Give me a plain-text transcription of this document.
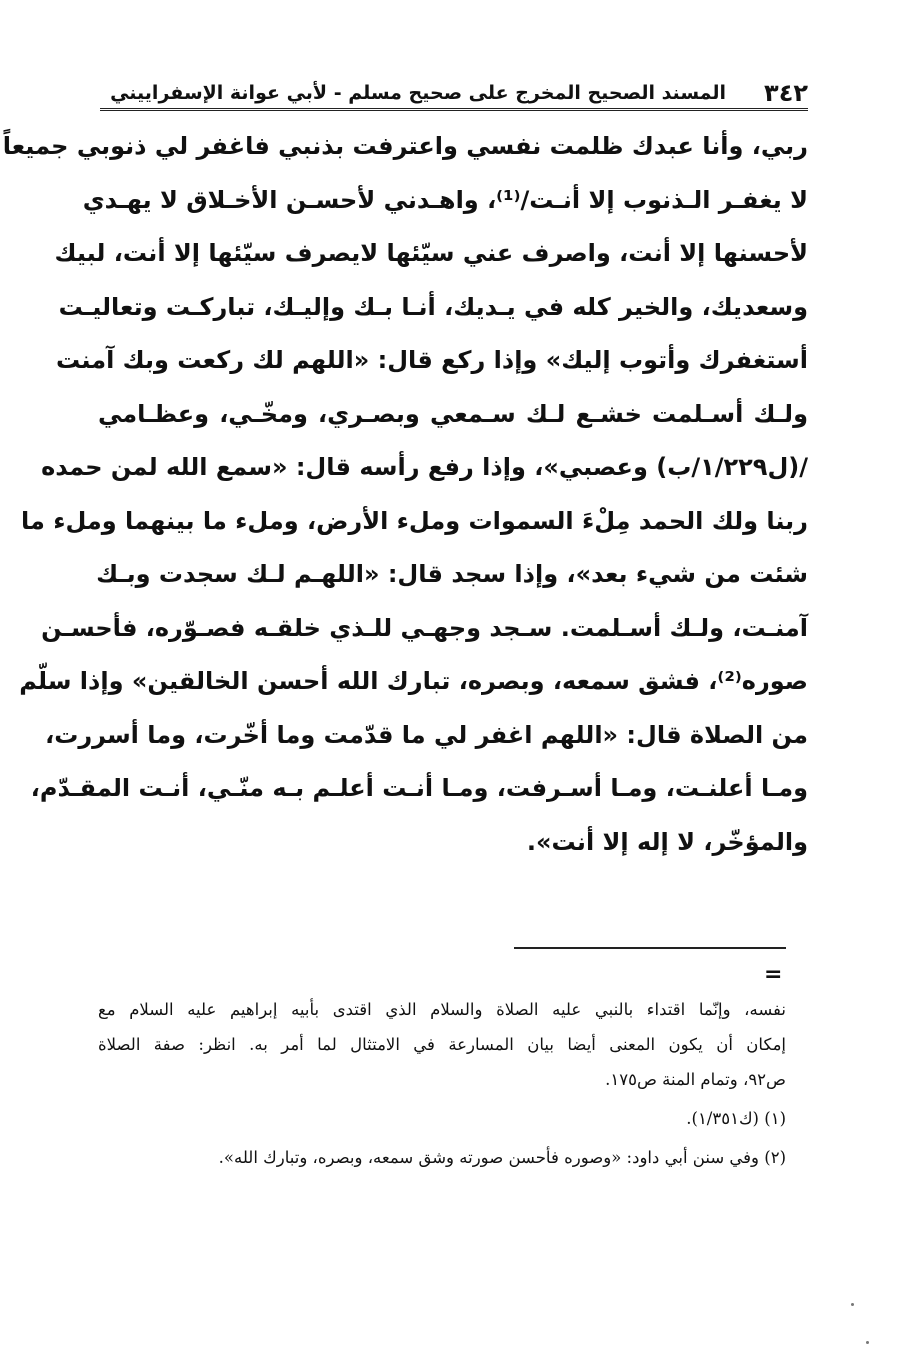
٣٤٢
المسند الصحيح المخرج على صحيح مسلم - لأبي عوانة الإسفراييني
ربي، وأنا عبدك ظلمت نفسي واعترفت بذنبي فاغفر لي ذنوبي جميعاً
لا يغفـر الـذنوب إلا أنـت/⁽¹⁾، واهـدني لأحسـن الأخـلاق لا يهـدي
لأحسنها إلا أنت، واصرف عني سيّئها لايصرف سيّئها إلا أنت، لبيك
وسعديك، والخير كله في يـديك، أنـا بـك وإليـك، تباركـت وتعاليـت
أستغفرك وأتوب إليك» وإذا ركع قال: «اللهم لك ركعت وبك آمنت
ولـك أسـلمت خشـع لـك سـمعي وبصـري، ومخّـي، وعظـامي
/(ل١/٢٢٩/ب) وعصبي»، وإذا رفع رأسه قال: «سمع الله لمن حمده
ربنا ولك الحمد مِلْءَ السموات وملء الأرض، وملء ما بينهما وملء ما
شئت من شيء بعد»، وإذا سجد قال: «اللهـم لـك سجدت وبـك
آمنـت، ولـك أسـلمت. سـجد وجهـي للـذي خلقـه فصـوّره، فأحسـن
صوره⁽²⁾، فشق سمعه، وبصره، تبارك الله أحسن الخالقين» وإذا سلّم
من الصلاة قال: «اللهم اغفر لي ما قدّمت وما أخّرت، وما أسررت،
ومـا أعلنـت، ومـا أسـرفت، ومـا أنـت أعلـم بـه منّـي، أنـت المقـدّم،
والمؤخّر، لا إله إلا أنت».
=
نفسه، وإنّما اقتداء بالنبي عليه الصلاة والسلام الذي اقتدى بأبيه إبراهيم عليه السلام مع
إمكان أن يكون المعنى أيضا بيان المسارعة في الامتثال لما أمر به. انظر: صفة الصلاة
ص٩٢، وتمام المنة ص١٧٥.
(١) (ك١/٣٥١).
(٢) وفي سنن أبي داود: «وصوره فأحسن صورته وشق سمعه، وبصره، وتبارك الله».
